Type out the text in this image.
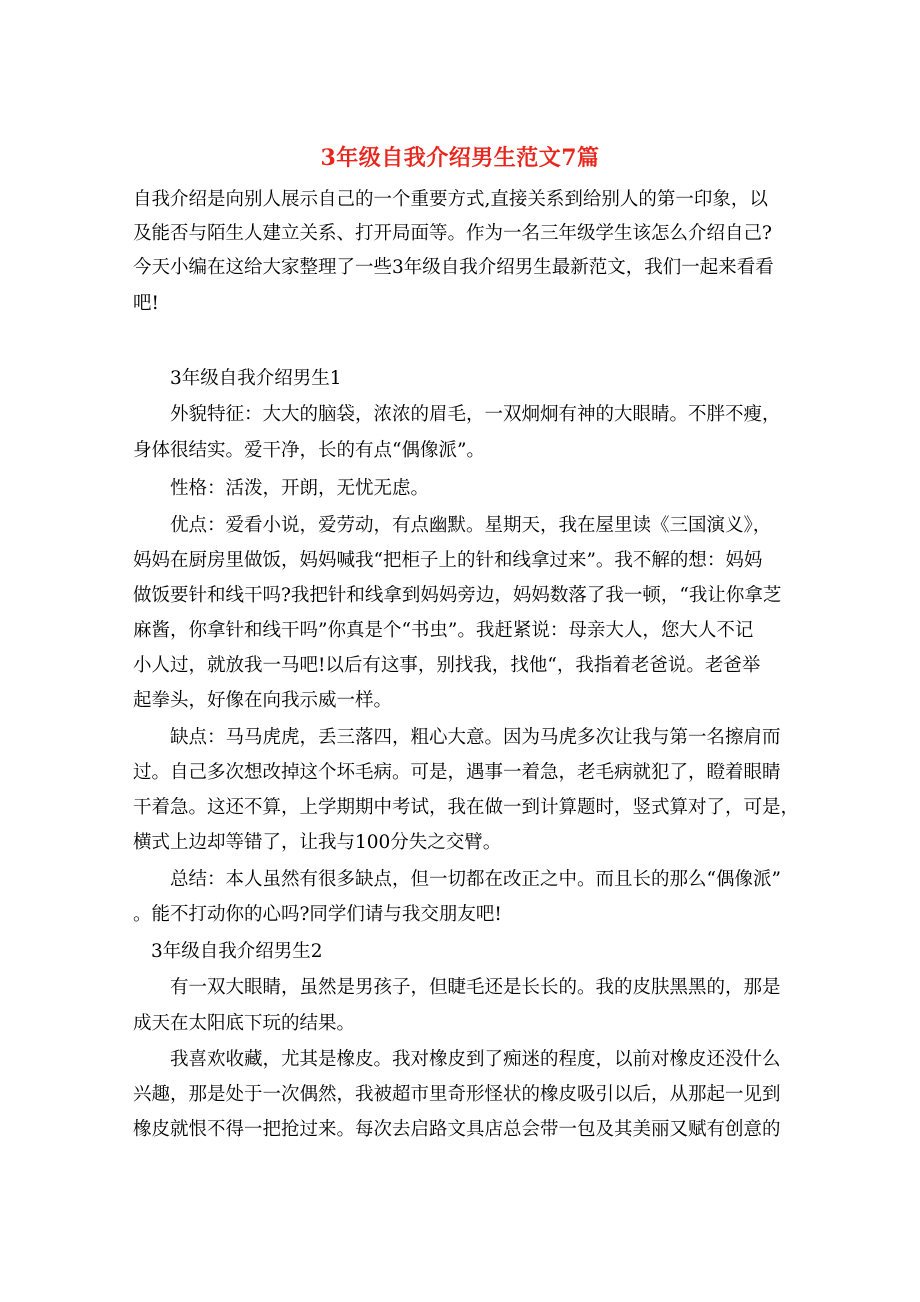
3年级自我介绍男生范文7篇
自我介绍是向别人展示自己的一个重要方式,直接关系到给别人的第一印象，以
及能否与陌生人建立关系、打开局面等。作为一名三年级学生该怎么介绍自己?
今天小编在这给大家整理了一些3年级自我介绍男生最新范文，我们一起来看看
吧!
3年级自我介绍男生1
外貌特征：大大的脑袋，浓浓的眉毛，一双炯炯有神的大眼睛。不胖不瘦，
身体很结实。爱干净，长的有点“偶像派”。
性格：活泼，开朗，无忧无虑。
优点：爱看小说，爱劳动，有点幽默。星期天，我在屋里读《三国演义》，
妈妈在厨房里做饭，妈妈喊我“把柜子上的针和线拿过来”。我不解的想：妈妈
做饭要针和线干吗?我把针和线拿到妈妈旁边，妈妈数落了我一顿，“我让你拿芝
麻酱，你拿针和线干吗”你真是个“书虫”。我赶紧说：母亲大人，您大人不记
小人过，就放我一马吧!以后有这事，别找我，找他“，我指着老爸说。老爸举
起拳头，好像在向我示威一样。
缺点：马马虎虎，丢三落四，粗心大意。因为马虎多次让我与第一名擦肩而
过。自己多次想改掉这个坏毛病。可是，遇事一着急，老毛病就犯了，瞪着眼睛
干着急。这还不算，上学期期中考试，我在做一到计算题时，竖式算对了，可是，
横式上边却等错了，让我与100分失之交臂。
总结：本人虽然有很多缺点，但一切都在改正之中。而且长的那么“偶像派”
。能不打动你的心吗?同学们请与我交朋友吧!
3年级自我介绍男生2
有一双大眼睛，虽然是男孩子，但睫毛还是长长的。我的皮肤黑黑的，那是
成天在太阳底下玩的结果。
我喜欢收藏，尤其是橡皮。我对橡皮到了痴迷的程度，以前对橡皮还没什么
兴趣，那是处于一次偶然，我被超市里奇形怪状的橡皮吸引以后，从那起一见到
橡皮就恨不得一把抢过来。每次去启路文具店总会带一包及其美丽又赋有创意的
